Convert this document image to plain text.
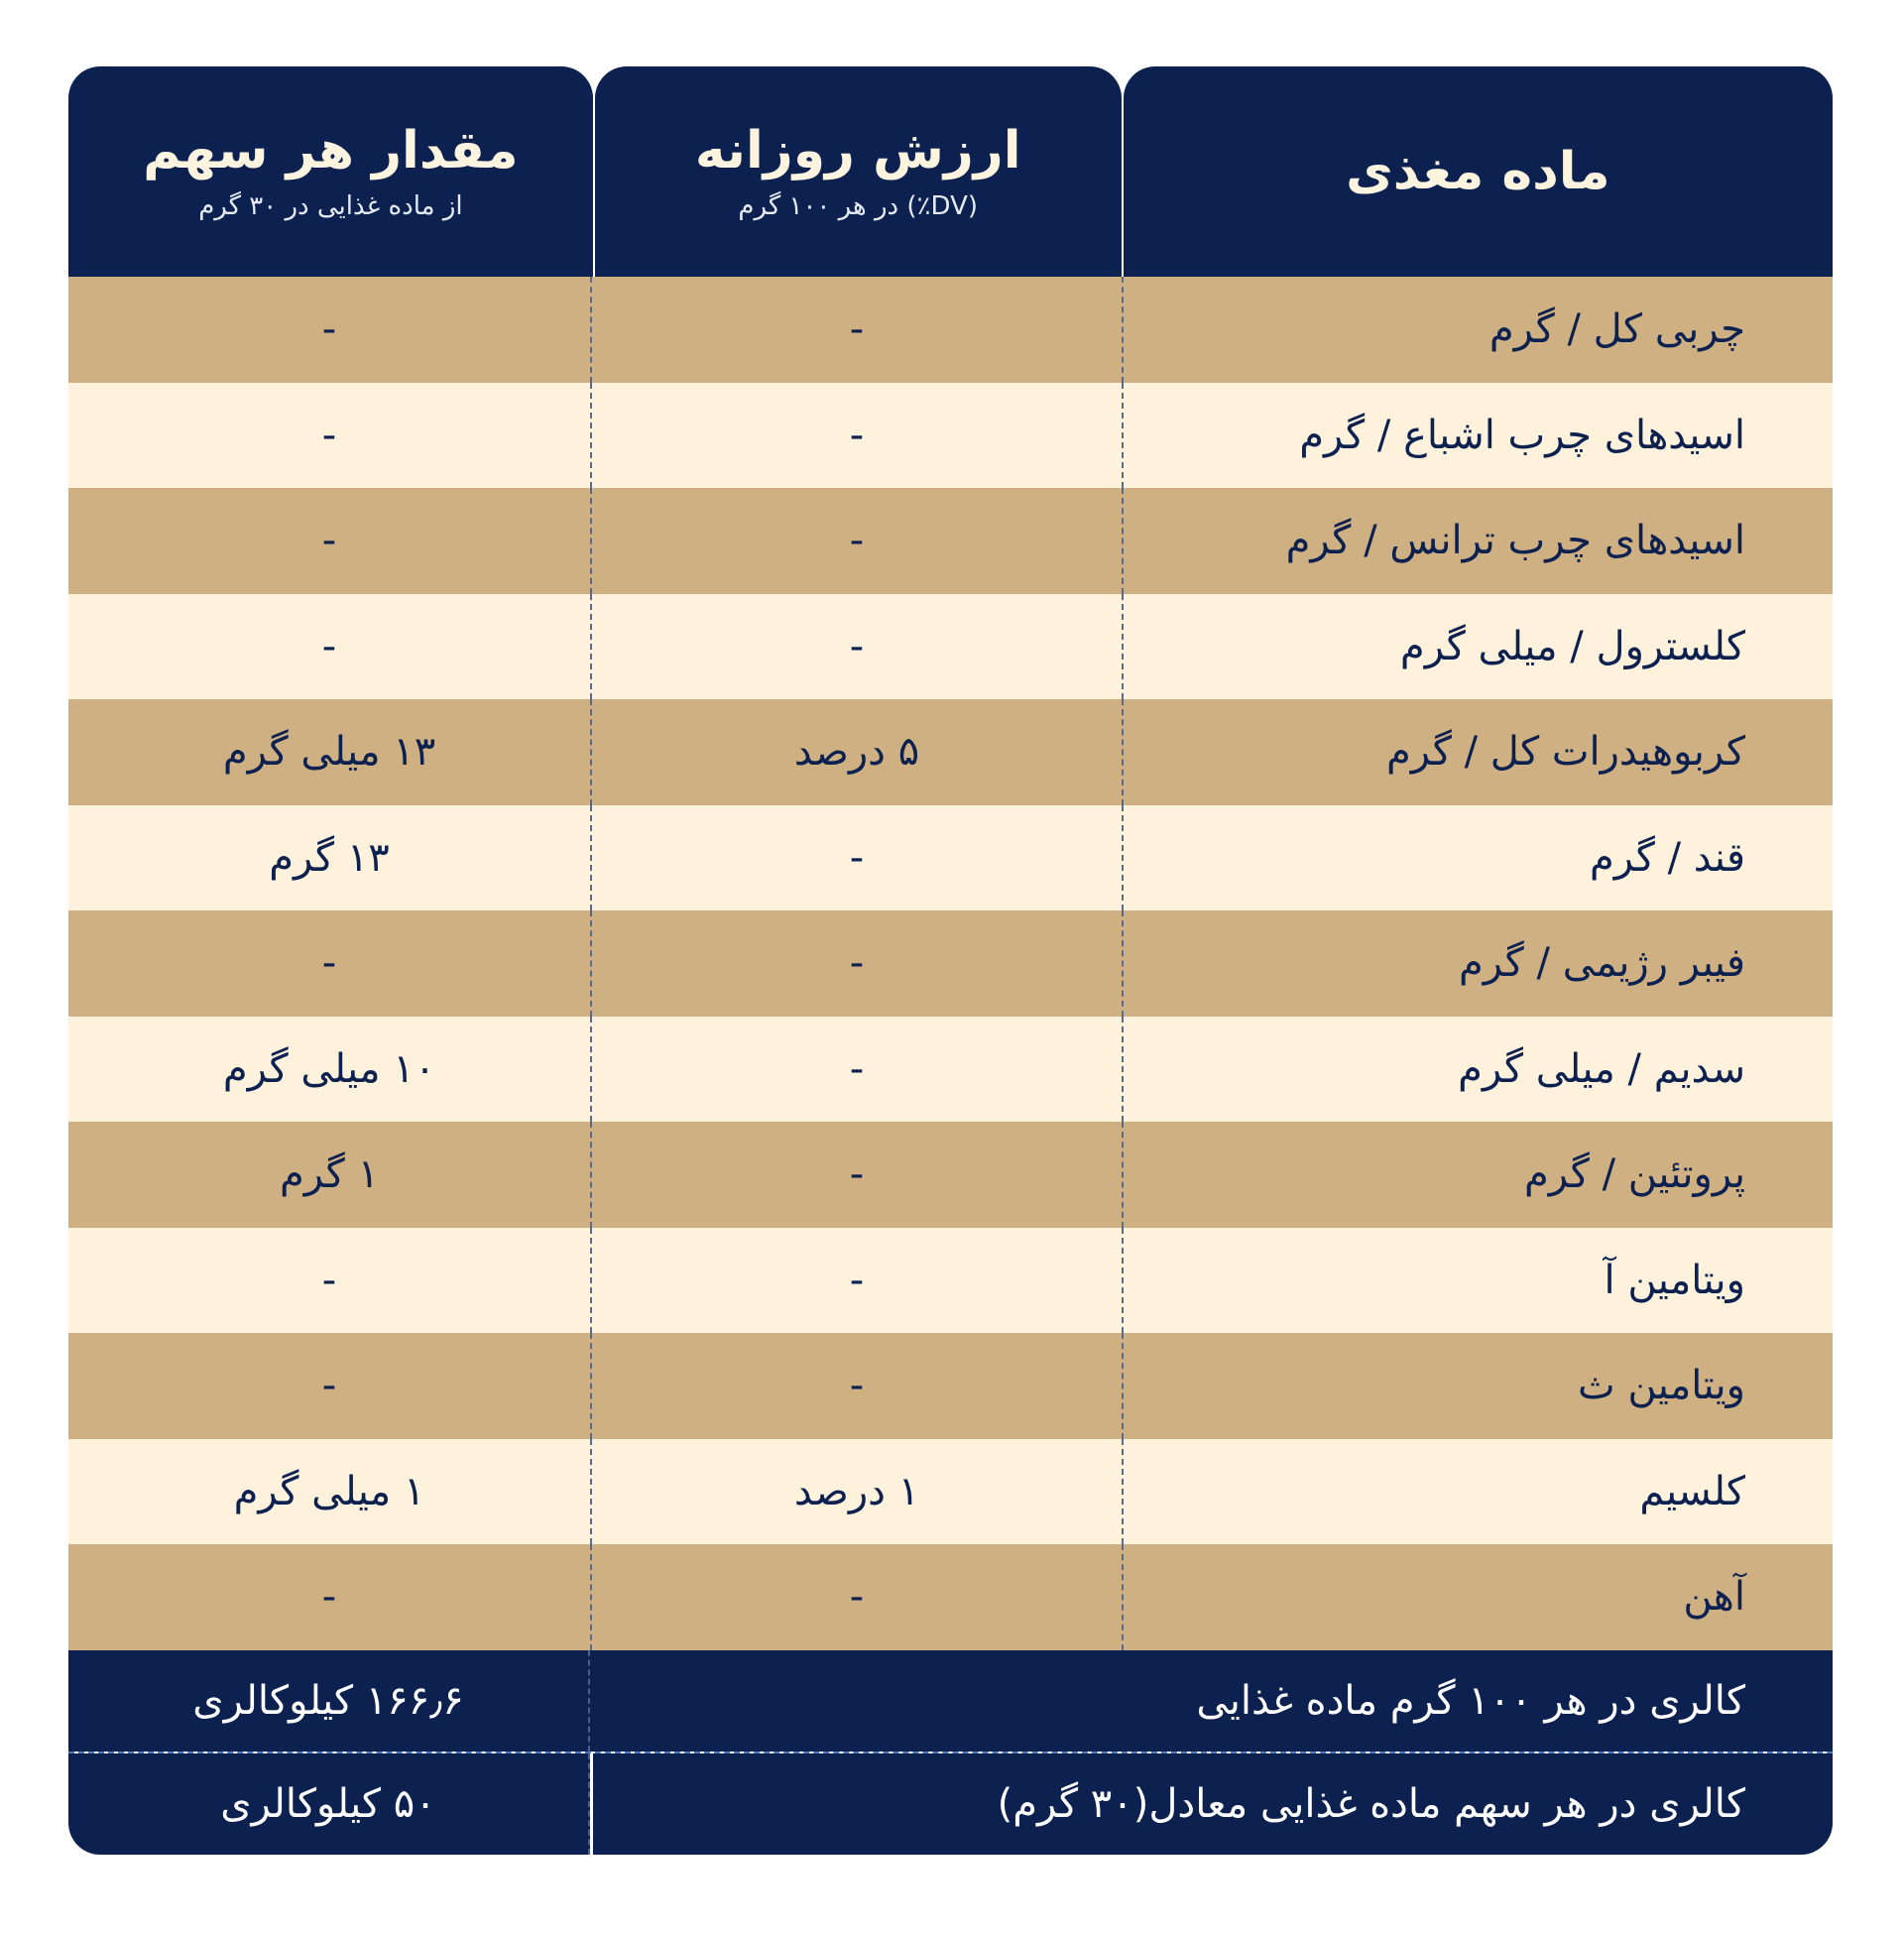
ماده مغذی
ارزش روزانه
(DV٪) در هر ۱۰۰ گرم
مقدار هر سهم
از ماده غذایی در ۳۰ گرم
چربی کل / گرم
-
-
اسیدهای چرب اشباع / گرم
-
-
اسیدهای چرب ترانس / گرم
-
-
کلسترول / میلی گرم
-
-
کربوهیدرات کل / گرم
۵ درصد
۱۳ میلی گرم
قند / گرم
-
۱۳ گرم
فیبر رژیمی / گرم
-
-
سدیم / میلی گرم
-
۱۰ میلی گرم
پروتئین / گرم
-
۱ گرم
ویتامین آ
-
-
ویتامین ث
-
-
کلسیم
۱ درصد
۱ میلی گرم
آهن
-
-
کالری در هر ۱۰۰ گرم ماده غذایی
۱۶۶٫۶ کیلوکالری
کالری در هر سهم ماده غذایی معادل(۳۰ گرم)
۵۰ کیلوکالری
